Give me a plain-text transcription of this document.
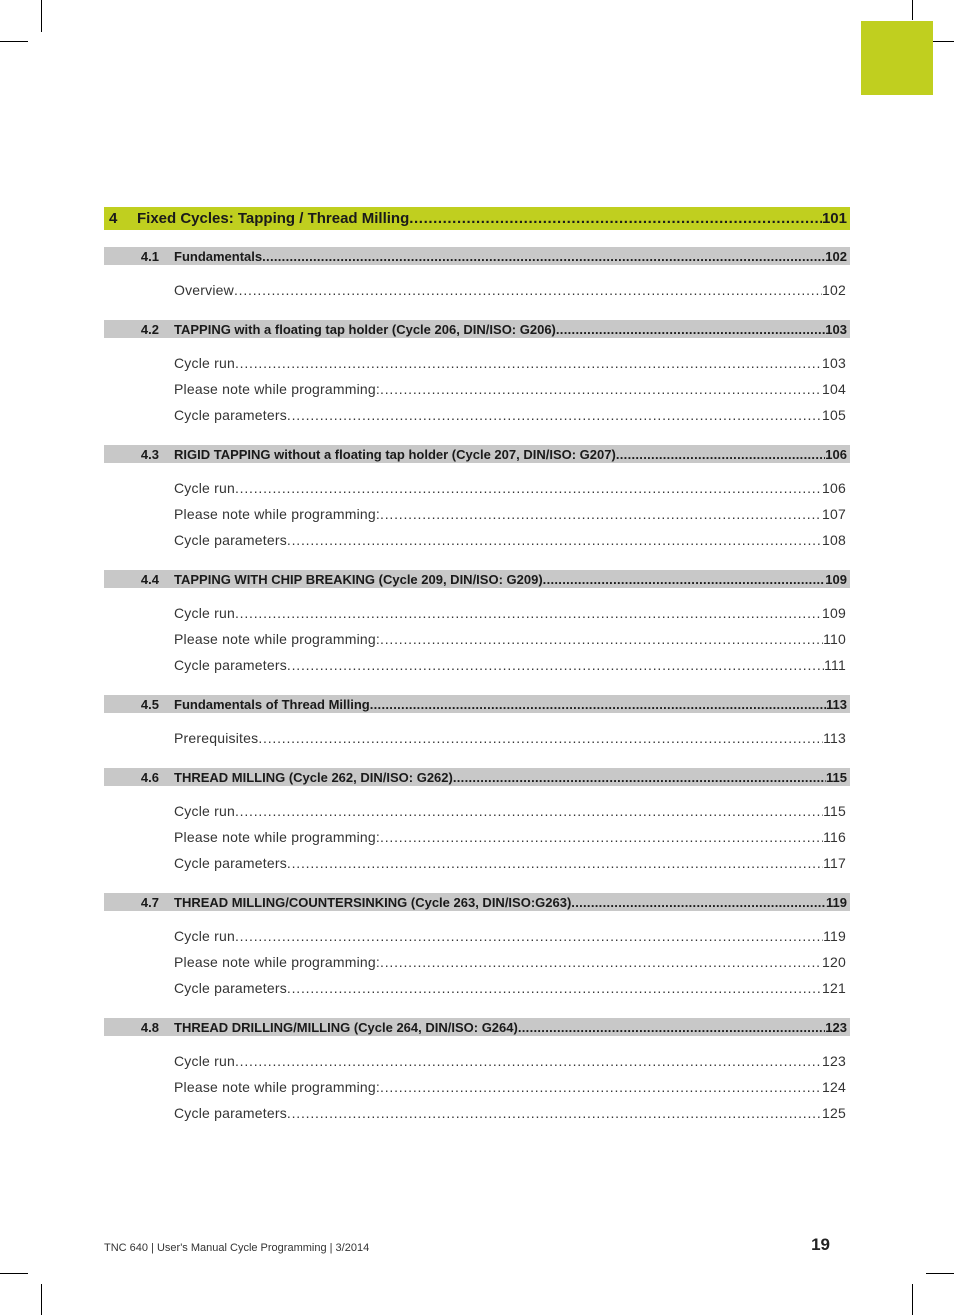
4	Fixed Cycles: Tapping / Thread Milling .....	101
4.1	Fundamentals .....	102
Overview .....	102
4.2	TAPPING with a floating tap holder (Cycle 206, DIN/ISO: G206) .....	103
Cycle run .....	103
Please note while programming: .....	104
Cycle parameters .....	105
4.3	RIGID TAPPING without a floating tap holder (Cycle 207, DIN/ISO: G207) .....	106
Cycle run .....	106
Please note while programming: .....	107
Cycle parameters .....	108
4.4	TAPPING WITH CHIP BREAKING (Cycle 209, DIN/ISO: G209) .....	109
Cycle run .....	109
Please note while programming: .....	110
Cycle parameters .....	111
4.5	Fundamentals of Thread Milling .....	113
Prerequisites .....	113
4.6	THREAD MILLING (Cycle 262, DIN/ISO: G262) .....	115
Cycle run .....	115
Please note while programming: .....	116
Cycle parameters .....	117
4.7	THREAD MILLING/COUNTERSINKING (Cycle 263, DIN/ISO:G263) .....	119
Cycle run .....	119
Please note while programming: .....	120
Cycle parameters .....	121
4.8	THREAD DRILLING/MILLING (Cycle 264, DIN/ISO: G264) .....	123
Cycle run .....	123
Please note while programming: .....	124
Cycle parameters .....	125
TNC 640 | User's Manual Cycle Programming | 3/2014	19
